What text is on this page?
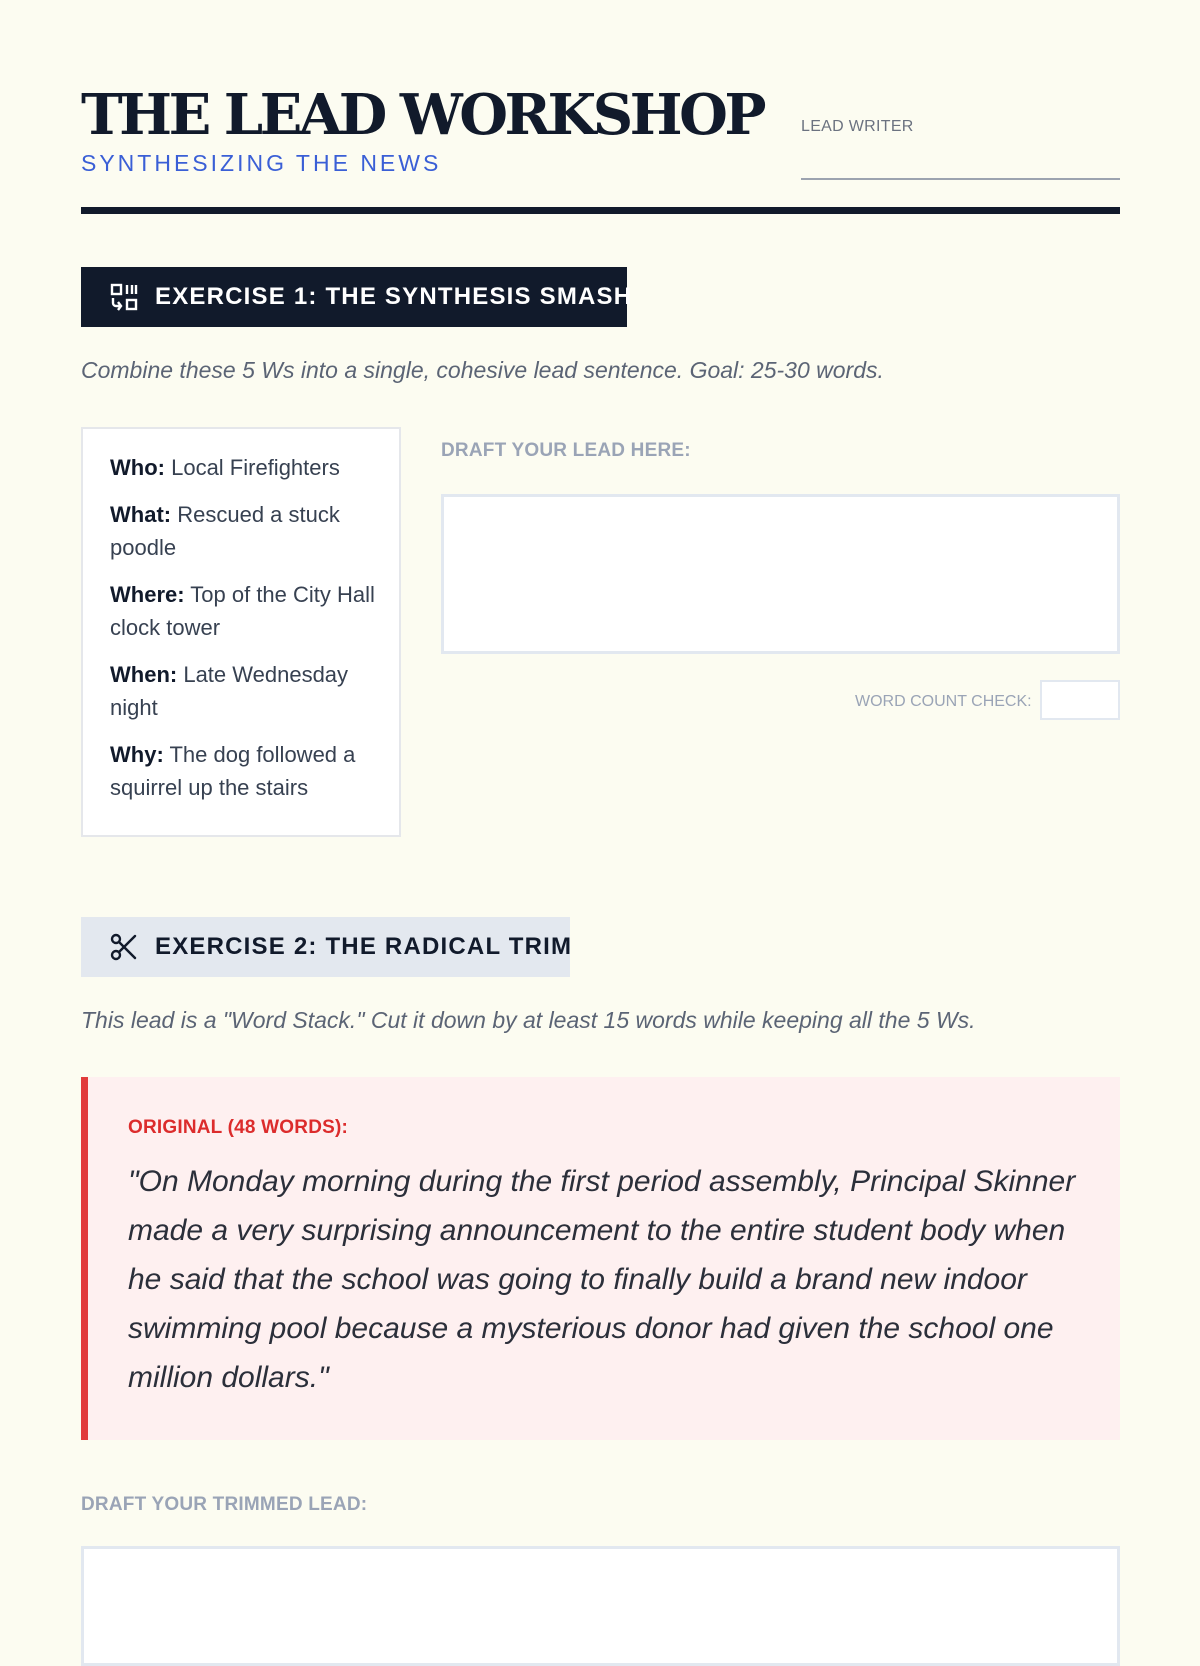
THE LEAD WORKSHOP
SYNTHESIZING THE NEWS
LEAD WRITER
EXERCISE 1: THE SYNTHESIS SMASH
Combine these 5 Ws into a single, cohesive lead sentence. Goal: 25-30 words.
Who: Local Firefighters
What: Rescued a stuck poodle
Where: Top of the City Hall clock tower
When: Late Wednesday night
Why: The dog followed a squirrel up the stairs
DRAFT YOUR LEAD HERE:
WORD COUNT CHECK:
EXERCISE 2: THE RADICAL TRIM
This lead is a "Word Stack." Cut it down by at least 15 words while keeping all the 5 Ws.
ORIGINAL (48 WORDS):
"On Monday morning during the first period assembly, Principal Skinner made a very surprising announcement to the entire student body when he said that the school was going to finally build a brand new indoor swimming pool because a mysterious donor had given the school one million dollars."
DRAFT YOUR TRIMMED LEAD:
